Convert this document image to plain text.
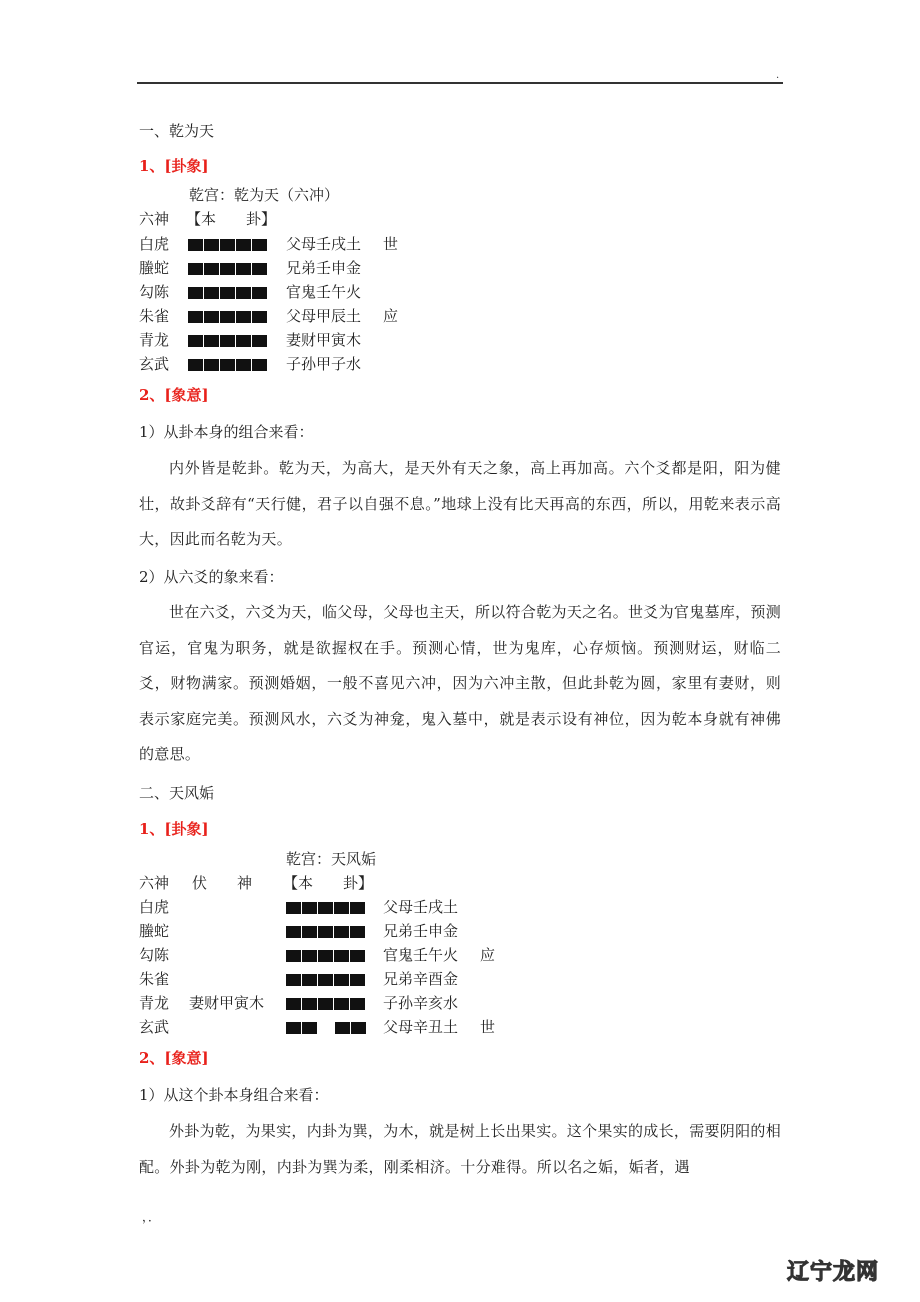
.
一、乾为天
1、[卦象]
乾宫：乾为天（六冲）
六神 【本　　卦】
白虎	父母壬戌土 世
螣蛇	兄弟壬申金
勾陈	官鬼壬午火
朱雀	父母甲辰土 应
青龙	妻财甲寅木
玄武	子孙甲子水
2、[象意]
1）从卦本身的组合来看：
内外皆是乾卦。乾为天，为高大，是天外有天之象，高上再加高。六个爻都是阳，阳为健壮，故卦爻辞有“天行健，君子以自强不息。”地球上没有比天再高的东西，所以，用乾来表示高大，因此而名乾为天。
2）从六爻的象来看：
世在六爻，六爻为天，临父母，父母也主天，所以符合乾为天之名。世爻为官鬼墓库，预测官运，官鬼为职务，就是欲握权在手。预测心情，世为鬼库，心存烦恼。预测财运，财临二爻，财物满家。预测婚姻，一般不喜见六冲，因为六冲主散，但此卦乾为圆，家里有妻财，则表示家庭完美。预测风水，六爻为神龛，鬼入墓中，就是表示设有神位，因为乾本身就有神佛的意思。
二、天风姤
1、[卦象]
乾宫：天风姤
六神 伏　　神 【本　　卦】
白虎	父母壬戌土
螣蛇	兄弟壬申金
勾陈	官鬼壬午火 应
朱雀	兄弟辛酉金
青龙 妻财甲寅木	子孙辛亥水
玄武	父母辛丑土 世
2、[象意]
1）从这个卦本身组合来看：
外卦为乾，为果实，内卦为巽，为木，就是树上长出果实。这个果实的成长，需要阴阳的相配。外卦为乾为刚，内卦为巽为柔，刚柔相济。十分难得。所以名之姤，姤者，遇
，．
辽宁龙网
